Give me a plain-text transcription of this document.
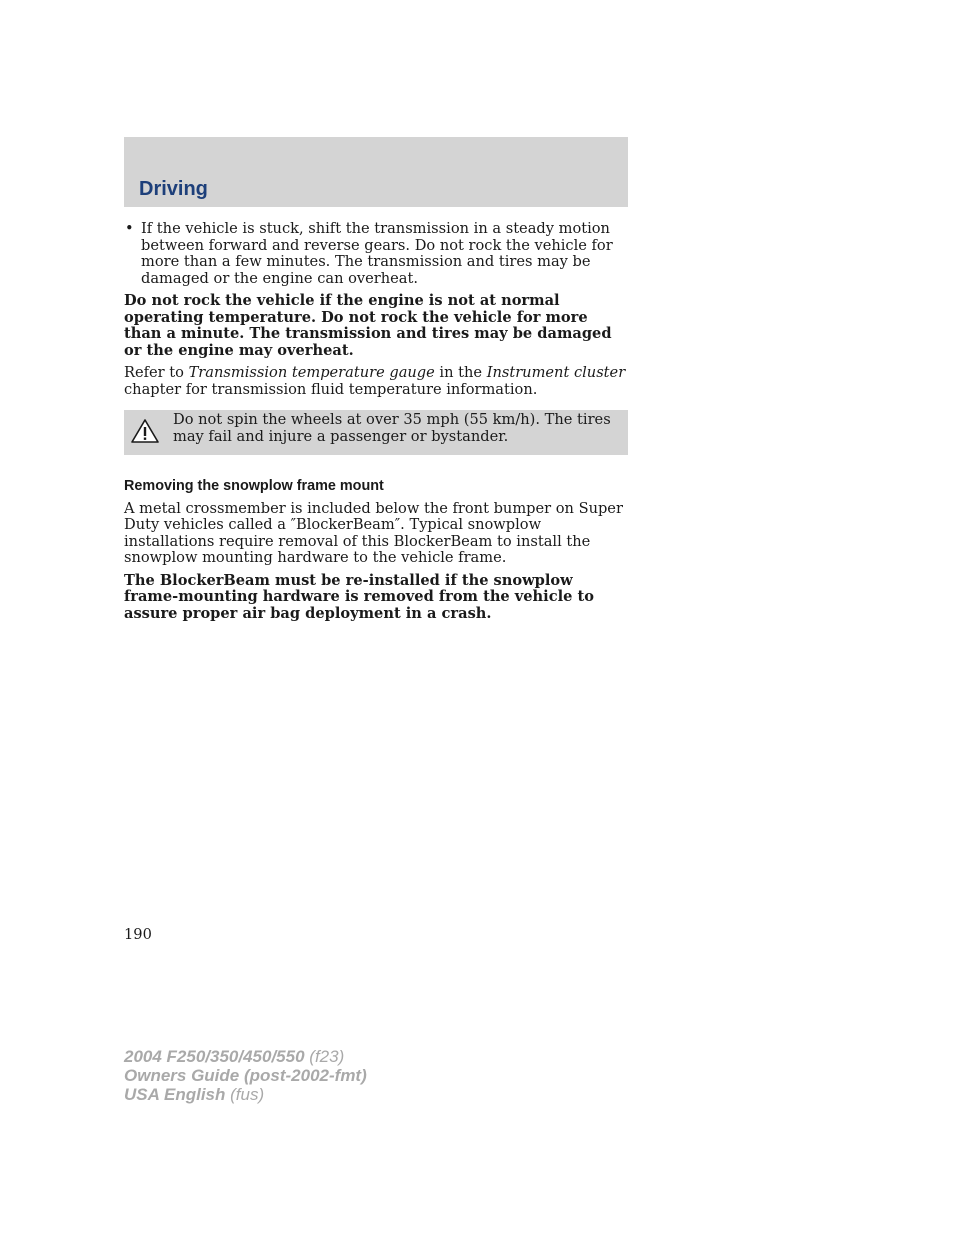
Driving
• If the vehicle is stuck, shift the transmission in a steady motion between forward and reverse gears. Do not rock the vehicle for more than a few minutes. The transmission and tires may be damaged or the engine can overheat.

Do not rock the vehicle if the engine is not at normal operating temperature. Do not rock the vehicle for more than a minute. The transmission and tires may be damaged or the engine may overheat.

Refer to Transmission temperature gauge in the Instrument cluster chapter for transmission fluid temperature information.

Do not spin the wheels at over 35 mph (55 km/h). The tires may fail and injure a passenger or bystander.
Removing the snowplow frame mount

A metal crossmember is included below the front bumper on Super Duty vehicles called a ″BlockerBeam″. Typical snowplow installations require removal of this BlockerBeam to install the snowplow mounting hardware to the vehicle frame.

The BlockerBeam must be re-installed if the snowplow frame-mounting hardware is removed from the vehicle to assure proper air bag deployment in a crash.

190
2004 F250/350/450/550 (f23)
Owners Guide (post-2002-fmt)
USA English (fus)
